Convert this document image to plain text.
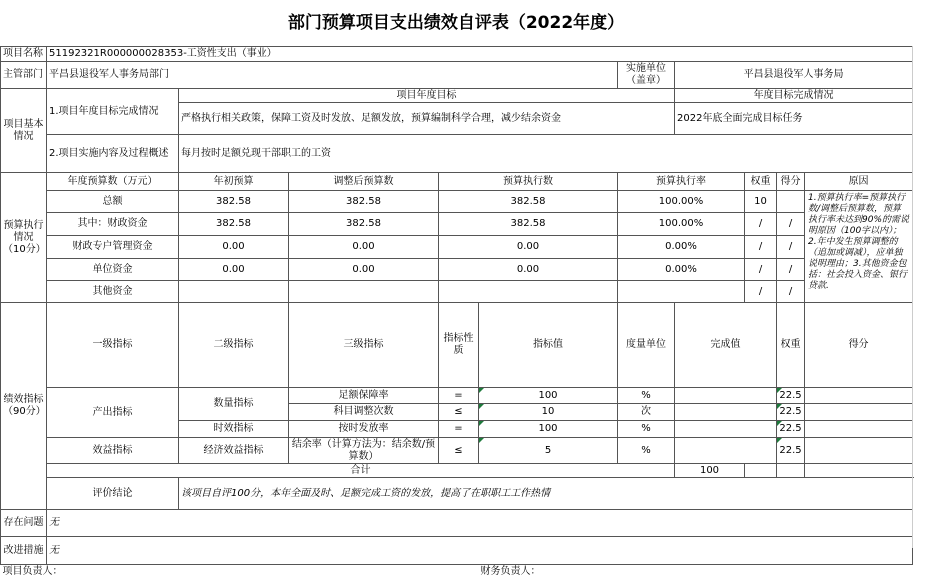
部门预算项目支出绩效自评表（2022年度）
项目名称	51192321R000000028353-工资性支出（事业）										
主管部门	平昌县退役军人事务局部门					实施单位（盖章）	平昌县退役军人事务局				
项目基本情况	1.项目年度目标完成情况	项目年度目标					年度目标完成情况				
		严格执行相关政策，保障工资及时发放、足额发放，预算编制科学合理，减少结余资金					2022年底全面完成目标任务				
	2.项目实施内容及过程概述	每月按时足额兑现干部职工的工资									
预算执行情况（10分）	年度预算数（万元）	年初预算	调整后预算数	预算执行数		预算执行率		权重	得分	原因	
	总额	382.58	382.58	382.58		100.00%		10		1.预算执行率=预算执行数/调整后预算数，预算执行率未达到90%的需说明原因（100字以内）；2.年中发生预算调整的（追加或调减），应单独说明理由；3.其他资金包括：社会投入资金、银行贷款.	
	其中：财政资金	382.58	382.58	382.58		100.00%		/	/		
	财政专户管理资金	0.00	0.00	0.00		0.00%		/	/		
	单位资金	0.00	0.00	0.00		0.00%		/	/		
	其他资金							/	/		
绩效指标（90分）	一级指标	二级指标	三级指标	指标性质	指标值	度量单位	完成值		权重	得分	
	产出指标	数量指标	足额保障率	=	100	%			22.5		
			科目调整次数	≤	10	次			22.5		
		时效指标	按时发放率	=	100	%			22.5		
	效益指标	经济效益指标	结余率（计算方法为：结余数/预算数）	≤	5	%			22.5		
	合计						100				
	评价结论	该项目自评100分，本年全面及时、足额完成工资的发放，提高了在职职工工作热情									
存在问题	无										
改进措施	无										
项目负责人：					财务负责人：						
